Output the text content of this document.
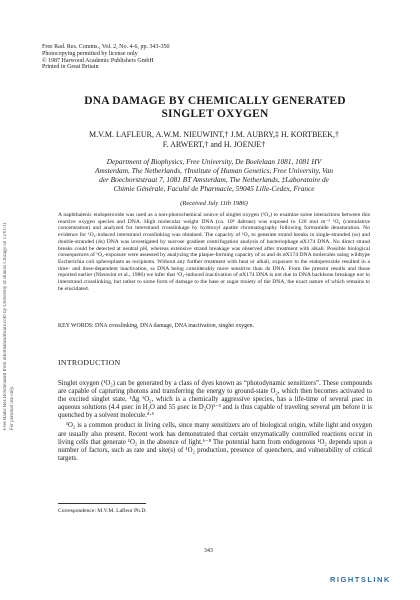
Free Radic Res Downloaded from informahealthcare.com by University of Illinois Chicago on 11/01/11 For personal use only.
Free Rad. Res. Comms., Vol. 2, No. 4-6, pp. 343-350
Photocopying permitted by license only
© 1987 Harwood Academic Publishers GmbH
Printed in Great Britain
DNA DAMAGE BY CHEMICALLY GENERATED
SINGLET OXYGEN
M.V.M. LAFLEUR, A.W.M. NIEUWINT,† J.M. AUBRY,‡ H. KORTBEEK,†
F. ARWERT,† and H. JOENJE†
Department of Biophysics, Free University, De Boelelaan 1081, 1081 HV
Amsterdam, The Netherlands, †Institute of Human Genetics, Free University, Van
der Boechorststraat 7, 1081 BT Amsterdam, The Netherlands, ‡Laboratoire de
Chimie Générale, Faculté de Pharmacie, 59045 Lille-Cedex, France
(Received July 11th 1986)
A naphthalenic endoperoxide was used as a non-photochemical source of singlet oxygen (¹O₂) to examine some interactions between this reactive oxygen species and DNA. High molecular weight DNA (ca. 10⁸ daltons) was exposed to 120 mol m⁻³ ¹O₂ (cumulative concentration) and analyzed for interstrand crosslinkage by hydroxyl apatite chromatography following formamide denaturation. No evidence for ¹O₂-induced interstrand crosslinking was obtained. The capacity of ¹O₂ to generate strand breaks in single-stranded (ss) and double-stranded (ds) DNA was investigated by sucrose gradient centrifugation analysis of bacteriophage øX174 DNA. No direct strand breaks could be detected at neutral pH, whereas extensive strand breakage was observed after treatment with alkali. Possible biological consequences of ¹O₂-exposure were assessed by analyzing the plaque-forming capacity of ss and ds øX174 DNA molecules using wildtype Escherichia coli spheroplasts as recipients. Without any further treatment with heat or alkali, exposure to the endoperoxide resulted in a time- and dose-dependent inactivation, ss DNA being considerably more sensitive than ds DNA. From the present results and those reported earlier (Nieuwint et al., 1986) we infer that ¹O₂-induced inactivation of øX174 DNA is not due to DNA backbone breakage nor to interstrand crosslinking, but rather to some form of damage to the base or sugar moiety of the DNA, the exact nature of which remains to be elucidated.
KEY WORDS: DNA crosslinking, DNA damage, DNA inactivation, singlet oxygen.
INTRODUCTION

Singlet oxygen (¹O₂) can be generated by a class of dyes known as “photodynamic sensitizers”. These compounds are capable of capturing photons and transferring the energy to ground-state O₂, which then becomes activated to the excited singlet state, ¹Δg ¹O₂, which is a chemically aggressive species, has a life-time of several μsec in aqueous solutions (4.4 μsec in H₂O and 55 μsec in D₂O)¹⁻³ and is thus capable of traveling several μm before it is quenched by a solvent molecule.⁴·⁵

¹O₂ is a common product in living cells, since many sensitizers are of biological origin, while light and oxygen are usually also present. Recent work has demonstrated that certain enzymatically controlled reactions occur in living cells that generate ¹O₂ in the absence of light.⁶⁻⁸ The potential harm from endogenous ¹O₂ depends upon a number of factors, such as rate and site(s) of ¹O₂ production, presence of quenchers, and vulnerability of critical targets.

Correspondence: M.V.M. Lafleur Ph.D.
343
RIGHTSLINK
